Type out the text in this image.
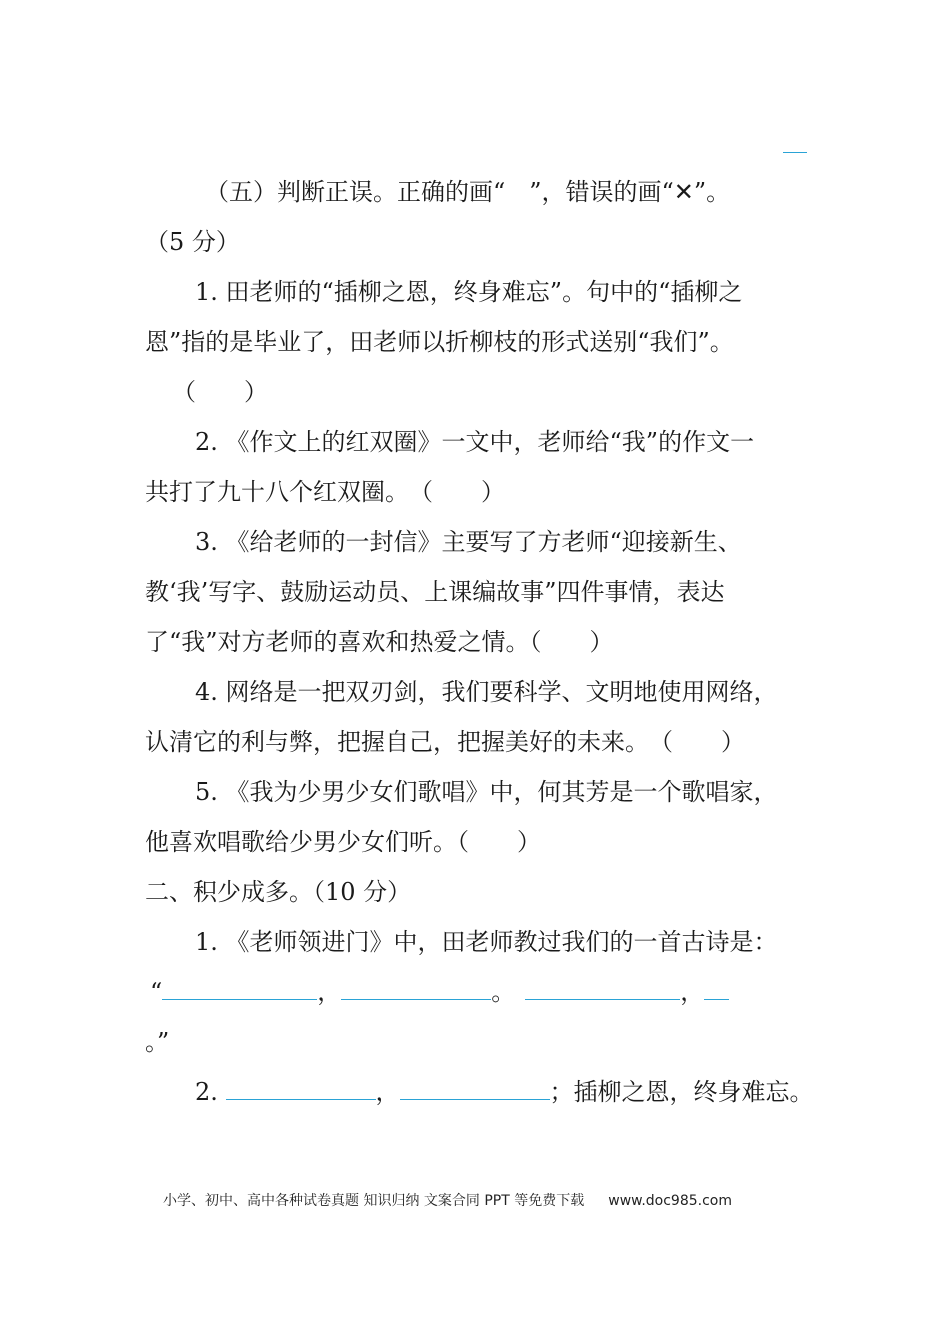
（五）判断正误。正确的画“　”，错误的画“✕”。
（5 分）
1. 田老师的“插柳之恩，终身难忘”。句中的“插柳之
恩”指的是毕业了，田老师以折柳枝的形式送别“我们”。
（　　）
2. 《作文上的红双圈》一文中，老师给“我”的作文一
共打了九十八个红双圈。　（　　）
3. 《给老师的一封信》主要写了方老师“迎接新生、
教‘我’写字、鼓励运动员、上课编故事”四件事情，表达
了“我”对方老师的喜欢和热爱之情。（　　）
4. 网络是一把双刃剑，我们要科学、文明地使用网络，
认清它的利与弊，把握自己，把握美好的未来。　（　　）
5. 《我为少男少女们歌唱》中，何其芳是一个歌唱家，
他喜欢唱歌给少男少女们听。（　　）
二、积少成多。（10 分）
1. 《老师领进门》中，田老师教过我们的一首古诗是：
“	，	。	，
。”
2.	，	；插柳之恩，终身难忘。
小学、初中、高中各种试卷真题 知识归纳 文案合同 PPT 等免费下载 www.doc985.com
